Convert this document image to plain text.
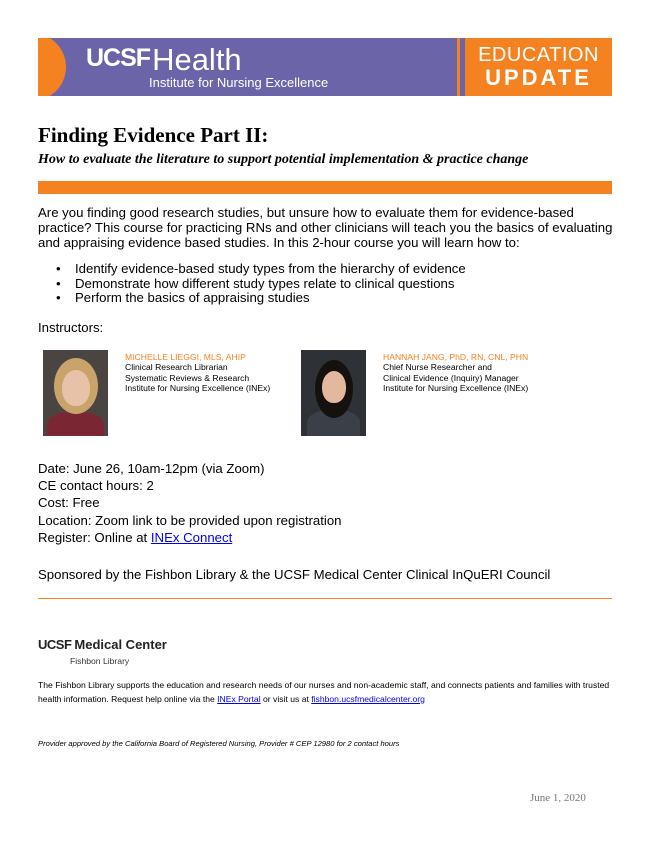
UCSFHealth
Institute for Nursing Excellence
EDUCATION
UPDATE
Finding Evidence Part II:
How to evaluate the literature to support potential implementation & practice change
Are you finding good research studies, but unsure how to evaluate them for evidence-based practice? This course for practicing RNs and other clinicians will teach you the basics of evaluating and appraising evidence based studies. In this 2-hour course you will learn how to:
• Identify evidence-based study types from the hierarchy of evidence
• Demonstrate how different study types relate to clinical questions
• Perform the basics of appraising studies
Instructors:
MICHELLE LIEGGI, MLS, AHIP
Clinical Research Librarian
Systematic Reviews & Research
Institute for Nursing Excellence (INEx)
HANNAH JANG, PhD, RN, CNL, PHN
Chief Nurse Researcher and
Clinical Evidence (Inquiry) Manager
Institute for Nursing Excellence (INEx)
Date: June 26, 10am-12pm (via Zoom)
CE contact hours: 2
Cost: Free
Location: Zoom link to be provided upon registration
Register: Online at INEx Connect
Sponsored by the Fishbon Library & the UCSF Medical Center Clinical InQuERI Council
UCSF Medical Center
Fishbon Library
The Fishbon Library supports the education and research needs of our nurses and non-academic staff, and connects patients and families with trusted health information. Request help online via the INEx Portal or visit us at fishbon.ucsfmedicalcenter.org
Provider approved by the California Board of Registered Nursing, Provider # CEP 12980 for 2 contact hours
June 1, 2020
